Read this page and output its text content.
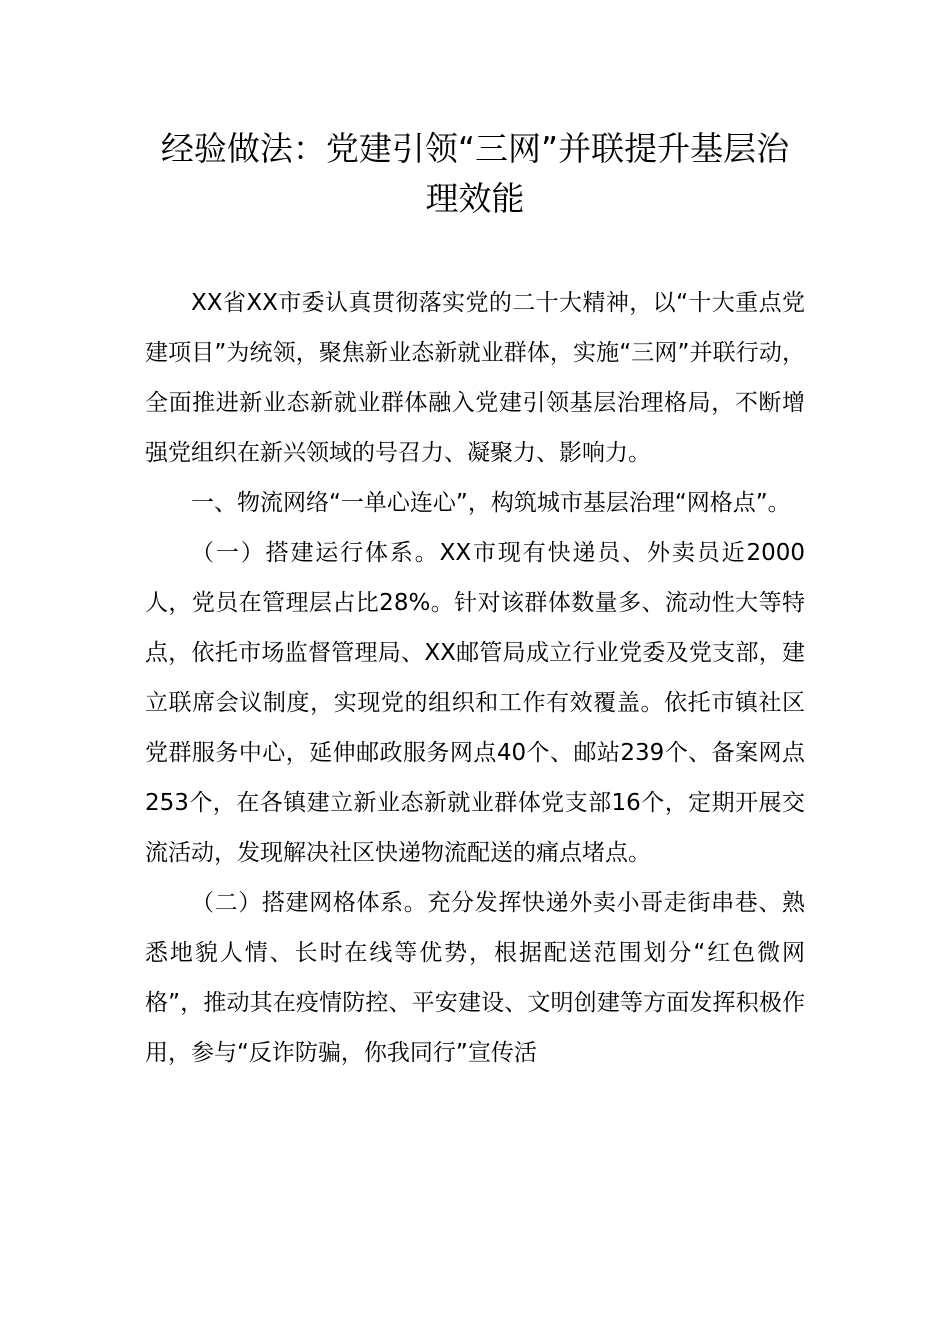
经验做法：党建引领“三网”并联提升基层治理效能

XX省XX市委认真贯彻落实党的二十大精神，以“十大重点党建项目”为统领，聚焦新业态新就业群体，实施“三网”并联行动，全面推进新业态新就业群体融入党建引领基层治理格局，不断增强党组织在新兴领域的号召力、凝聚力、影响力。

一、物流网络“一单心连心”，构筑城市基层治理“网格点”。

（一）搭建运行体系。XX市现有快递员、外卖员近2000人，党员在管理层占比28%。针对该群体数量多、流动性大等特点，依托市场监督管理局、XX邮管局成立行业党委及党支部，建立联席会议制度，实现党的组织和工作有效覆盖。依托市镇社区党群服务中心，延伸邮政服务网点40个、邮站239个、备案网点253个，在各镇建立新业态新就业群体党支部16个，定期开展交流活动，发现解决社区快递物流配送的痛点堵点。

（二）搭建网格体系。充分发挥快递外卖小哥走街串巷、熟悉地貌人情、长时在线等优势，根据配送范围划分“红色微网格”，推动其在疫情防控、平安建设、文明创建等方面发挥积极作用，参与“反诈防骗，你我同行”宣传活
